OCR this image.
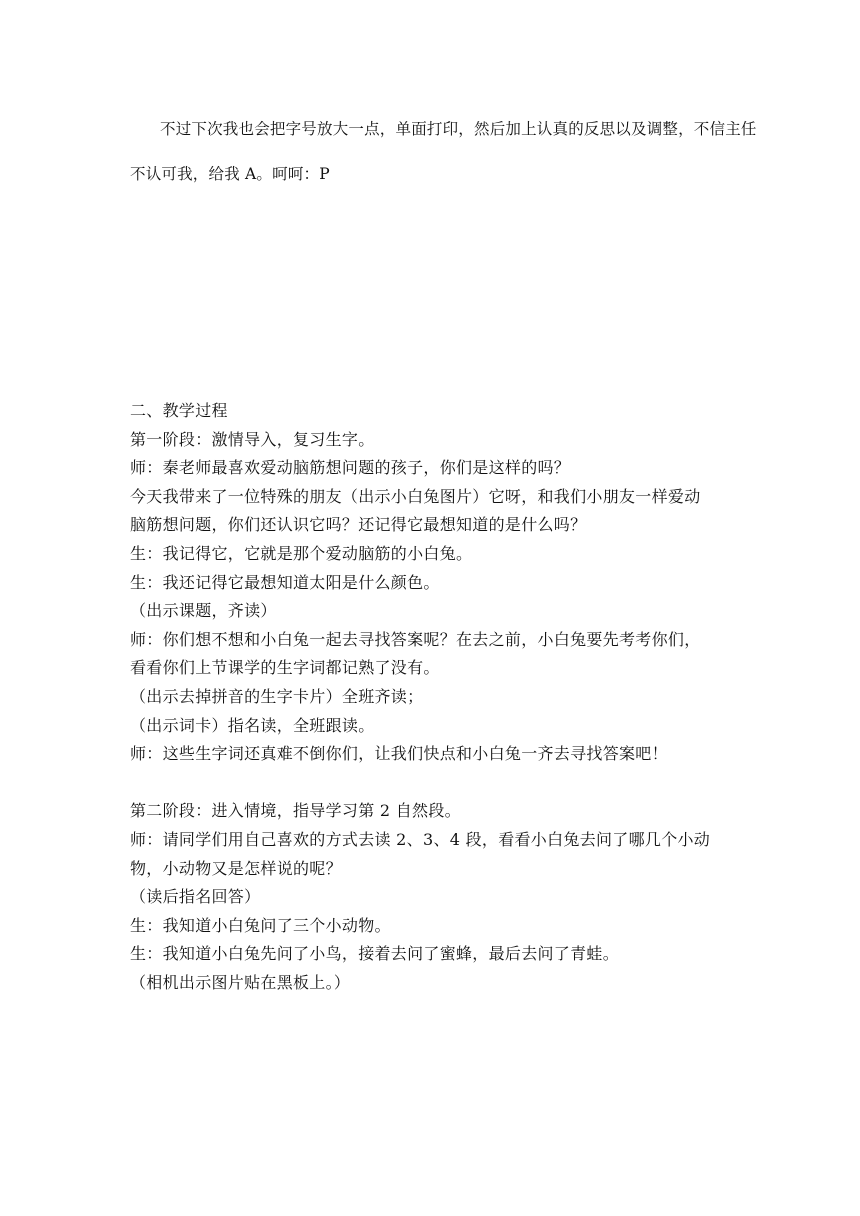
不过下次我也会把字号放大一点，单面打印，然后加上认真的反思以及调整，不信主任
不认可我，给我 A。呵呵：P

二、教学过程

第一阶段：激情导入，复习生字。

师：秦老师最喜欢爱动脑筋想问题的孩子，你们是这样的吗？

今天我带来了一位特殊的朋友（出示小白兔图片）它呀，和我们小朋友一样爱动

脑筋想问题，你们还认识它吗？还记得它最想知道的是什么吗？

生：我记得它，它就是那个爱动脑筋的小白兔。

生：我还记得它最想知道太阳是什么颜色。

（出示课题，齐读）

师：你们想不想和小白兔一起去寻找答案呢？在去之前，小白兔要先考考你们，

看看你们上节课学的生字词都记熟了没有。

（出示去掉拼音的生字卡片）全班齐读；

（出示词卡）指名读，全班跟读。

师：这些生字词还真难不倒你们，让我们快点和小白兔一齐去寻找答案吧！

第二阶段：进入情境，指导学习第 2 自然段。

师：请同学们用自己喜欢的方式去读 2、3、4 段，看看小白兔去问了哪几个小动

物，小动物又是怎样说的呢？

（读后指名回答）

生：我知道小白兔问了三个小动物。

生：我知道小白兔先问了小鸟，接着去问了蜜蜂，最后去问了青蛙。

（相机出示图片贴在黑板上。）
